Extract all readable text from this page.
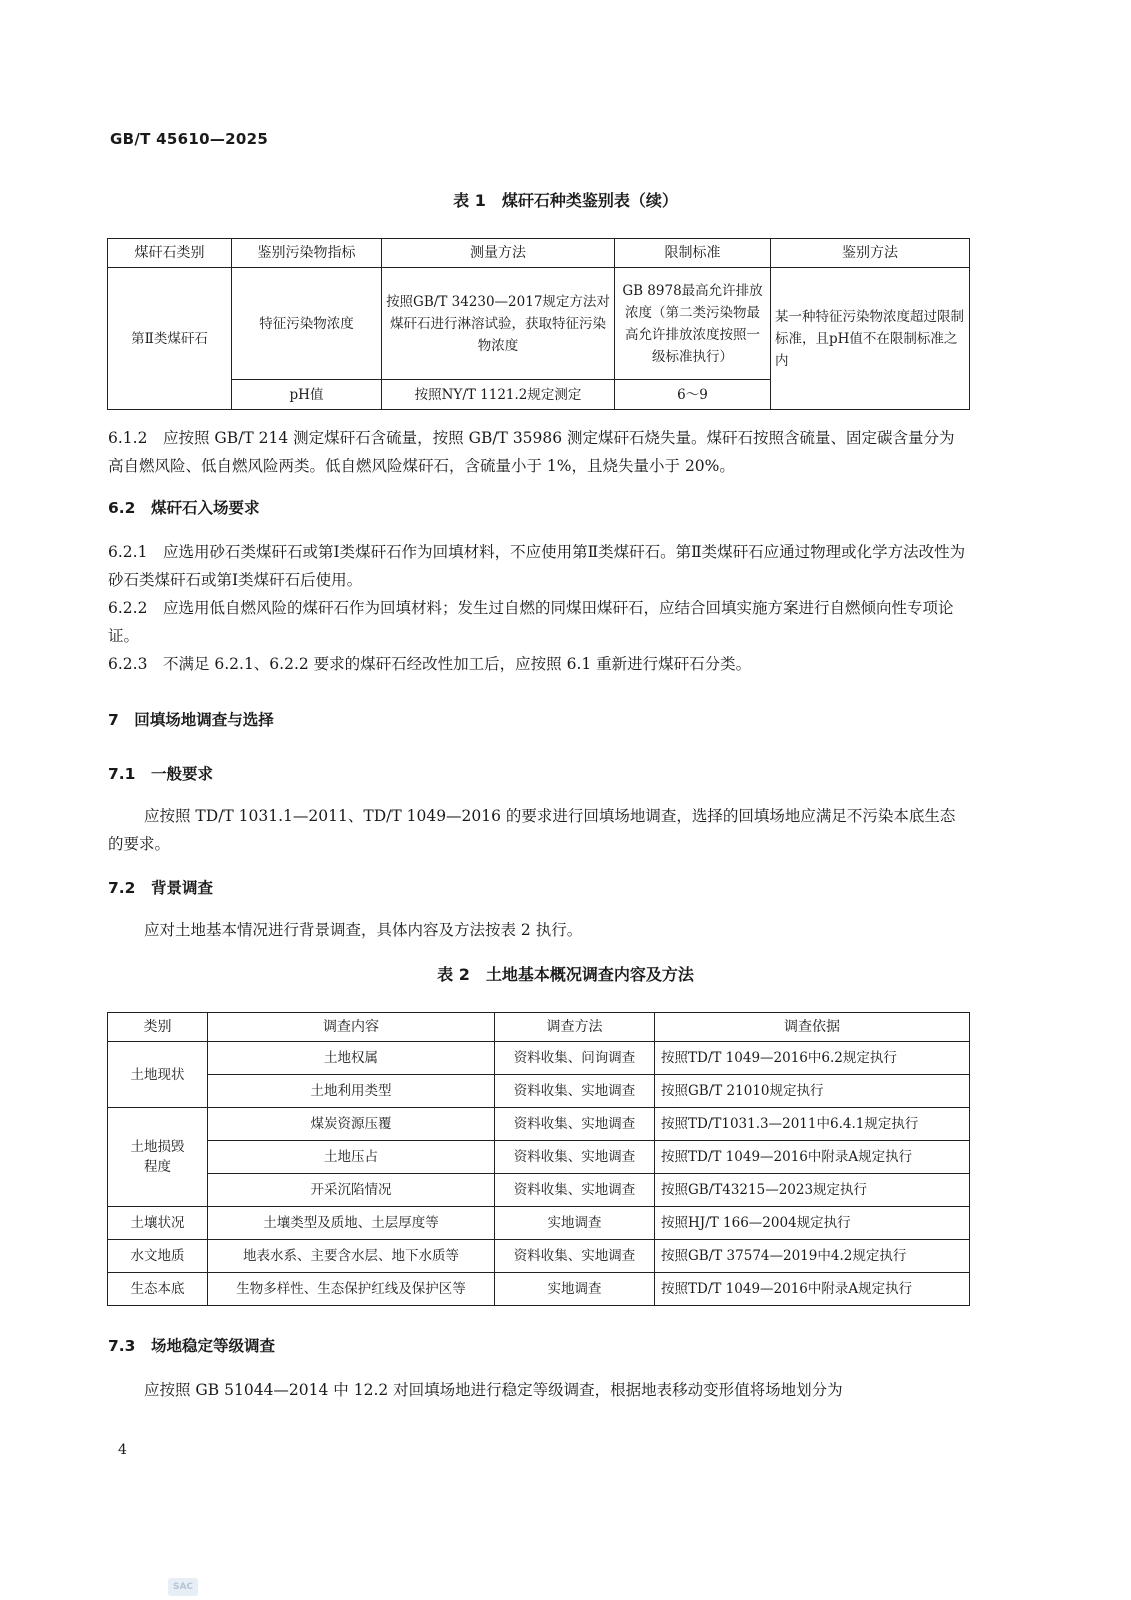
GB/T 45610—2025
表 1　煤矸石种类鉴别表（续）
煤矸石类别	鉴别污染物指标	测量方法	限制标准	鉴别方法
第Ⅱ类煤矸石	特征污染物浓度	按照GB/T 34230—2017规定方法对煤矸石进行淋溶试验，获取特征污染物浓度	GB 8978最高允许排放浓度（第二类污染物最高允许排放浓度按照一级标准执行）	某一种特征污染物浓度超过限制标准，且pH值不在限制标准之内
	pH值	按照NY/T 1121.2规定测定	6～9	
6.1.2　应按照 GB/T 214 测定煤矸石含硫量，按照 GB/T 35986 测定煤矸石烧失量。煤矸石按照含硫量、固定碳含量分为高自燃风险、低自燃风险两类。低自燃风险煤矸石，含硫量小于 1%，且烧失量小于 20%。
6.2　煤矸石入场要求
6.2.1　应选用砂石类煤矸石或第Ⅰ类煤矸石作为回填材料，不应使用第Ⅱ类煤矸石。第Ⅱ类煤矸石应通过物理或化学方法改性为砂石类煤矸石或第Ⅰ类煤矸石后使用。
6.2.2　应选用低自燃风险的煤矸石作为回填材料；发生过自燃的同煤田煤矸石，应结合回填实施方案进行自燃倾向性专项论证。
6.2.3　不满足 6.2.1、6.2.2 要求的煤矸石经改性加工后，应按照 6.1 重新进行煤矸石分类。
7　回填场地调查与选择
7.1　一般要求
应按照 TD/T 1031.1—2011、TD/T 1049—2016 的要求进行回填场地调查，选择的回填场地应满足不污染本底生态的要求。
7.2　背景调查
应对土地基本情况进行背景调查，具体内容及方法按表 2 执行。
表 2　土地基本概况调查内容及方法
类别	调查内容	调查方法	调查依据
土地现状	土地权属	资料收集、问询调查	按照TD/T 1049—2016中6.2规定执行
	土地利用类型	资料收集、实地调查	按照GB/T 21010规定执行
土地损毁程度	煤炭资源压覆	资料收集、实地调查	按照TD/T1031.3—2011中6.4.1规定执行
	土地压占	资料收集、实地调查	按照TD/T 1049—2016中附录A规定执行
	开采沉陷情况	资料收集、实地调查	按照GB/T43215—2023规定执行
土壤状况	土壤类型及质地、土层厚度等	实地调查	按照HJ/T 166—2004规定执行
水文地质	地表水系、主要含水层、地下水质等	资料收集、实地调查	按照GB/T 37574—2019中4.2规定执行
生态本底	生物多样性、生态保护红线及保护区等	实地调查	按照TD/T 1049—2016中附录A规定执行
7.3　场地稳定等级调查
应按照 GB 51044—2014 中 12.2 对回填场地进行稳定等级调查，根据地表移动变形值将场地划分为
4
SAC
